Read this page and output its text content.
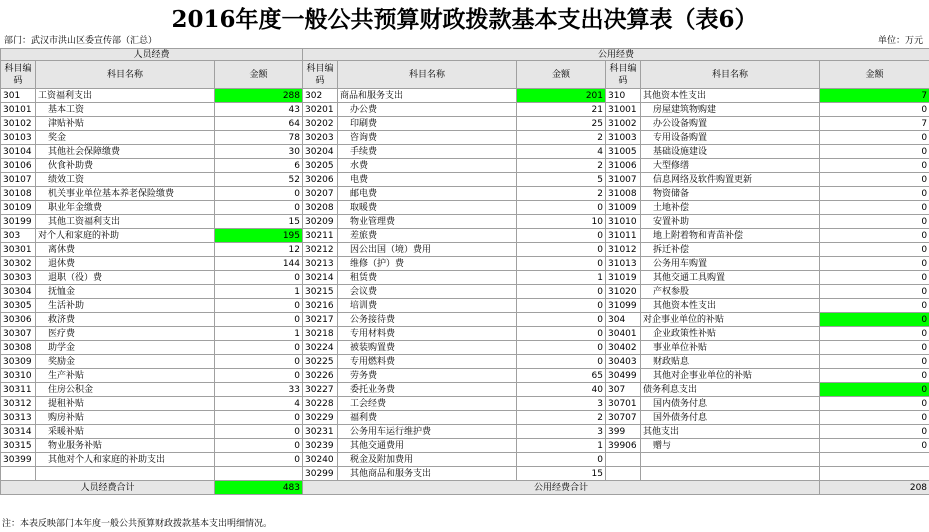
2016年度一般公共预算财政拨款基本支出决算表（表6）
部门：武汉市洪山区委宣传部（汇总）	单位：万元
人员经费			公用经费					
科目编码	科目名称	金额	科目编码	科目名称	金额	科目编码	科目名称	金额
301	工资福利支出	288	302	商品和服务支出	201	310	其他资本性支出	7
30101	基本工资	43	30201	办公费	21	31001	房屋建筑物购建	0
30102	津贴补贴	64	30202	印刷费	25	31002	办公设备购置	7
30103	奖金	78	30203	咨询费	2	31003	专用设备购置	0
30104	其他社会保障缴费	30	30204	手续费	4	31005	基础设施建设	0
30106	伙食补助费	6	30205	水费	2	31006	大型修缮	0
30107	绩效工资	52	30206	电费	5	31007	信息网络及软件购置更新	0
30108	机关事业单位基本养老保险缴费	0	30207	邮电费	2	31008	物资储备	0
30109	职业年金缴费	0	30208	取暖费	0	31009	土地补偿	0
30199	其他工资福利支出	15	30209	物业管理费	10	31010	安置补助	0
303	对个人和家庭的补助	195	30211	差旅费	0	31011	地上附着物和青苗补偿	0
30301	离休费	12	30212	因公出国（境）费用	0	31012	拆迁补偿	0
30302	退休费	144	30213	维修（护）费	0	31013	公务用车购置	0
30303	退职（役）费	0	30214	租赁费	1	31019	其他交通工具购置	0
30304	抚恤金	1	30215	会议费	0	31020	产权参股	0
30305	生活补助	0	30216	培训费	0	31099	其他资本性支出	0
30306	救济费	0	30217	公务接待费	0	304	对企事业单位的补贴	0
30307	医疗费	1	30218	专用材料费	0	30401	企业政策性补贴	0
30308	助学金	0	30224	被装购置费	0	30402	事业单位补贴	0
30309	奖励金	0	30225	专用燃料费	0	30403	财政贴息	0
30310	生产补贴	0	30226	劳务费	65	30499	其他对企事业单位的补贴	0
30311	住房公积金	33	30227	委托业务费	40	307	债务利息支出	0
30312	提租补贴	4	30228	工会经费	3	30701	国内债务付息	0
30313	购房补贴	0	30229	福利费	2	30707	国外债务付息	0
30314	采暖补贴	0	30231	公务用车运行维护费	3	399	其他支出	0
30315	物业服务补贴	0	30239	其他交通费用	1	39906	赠与	0
30399	其他对个人和家庭的补助支出	0	30240	税金及附加费用	0			
			30299	其他商品和服务支出	15			
人员经费合计		483	公用经费合计					208
注：本表反映部门本年度一般公共预算财政拨款基本支出明细情况。
